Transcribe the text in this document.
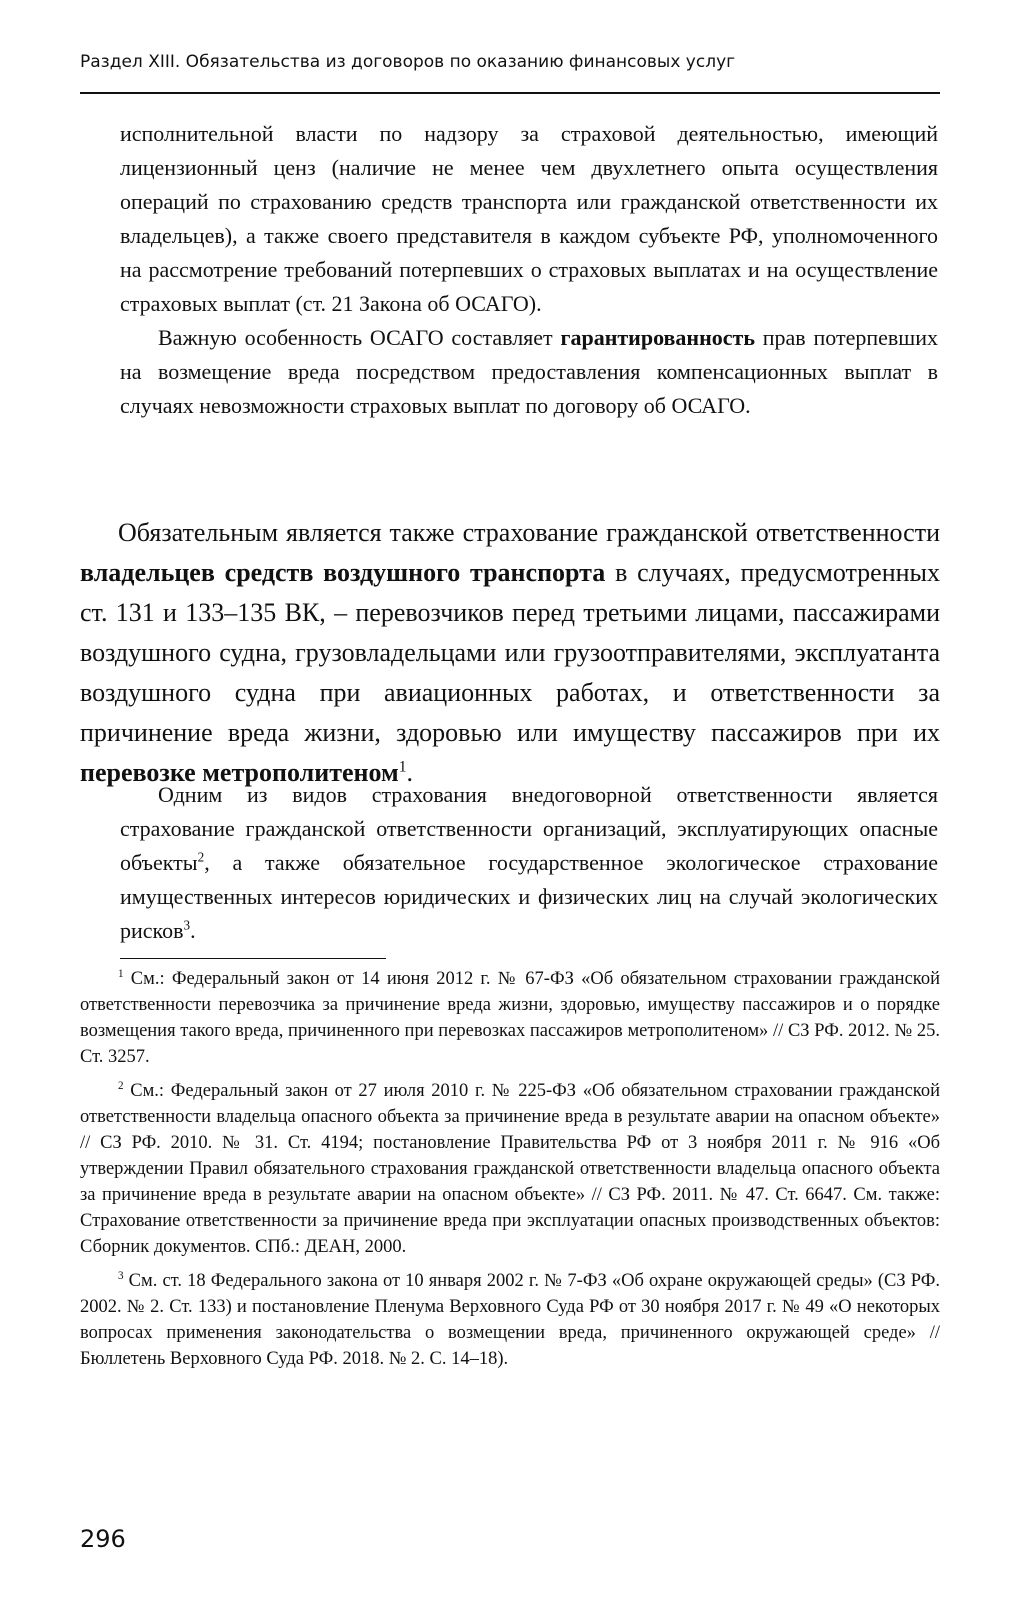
Раздел XIII. Обязательства из договоров по оказанию финансовых услуг

исполнительной власти по надзору за страховой деятельностью, имеющий лицензионный ценз (наличие не менее чем двухлетнего опыта осуществления операций по страхованию средств транспорта или гражданской ответственности их владельцев), а также своего представителя в каждом субъекте РФ, уполномоченного на рассмотрение требований потерпевших о страховых выплатах и на осуществление страховых выплат (ст. 21 Закона об ОСАГО).

Важную особенность ОСАГО составляет гарантированность прав потерпевших на возмещение вреда посредством предоставления компенсационных выплат в случаях невозможности страховых выплат по договору об ОСАГО.

Обязательным является также страхование гражданской ответственности владельцев средств воздушного транспорта в случаях, предусмотренных ст. 131 и 133–135 ВК, – перевозчиков перед третьими лицами, пассажирами воздушного судна, грузовладельцами или грузоотправителями, эксплуатанта воздушного судна при авиационных работах, и ответственности за причинение вреда жизни, здоровью или имуществу пассажиров при их перевозке метрополитеном$^1$.

Одним из видов страхования внедоговорной ответственности является страхование гражданской ответственности организаций, эксплуатирующих опасные объекты$^2$, а также обязательное государственное экологическое страхование имущественных интересов юридических и физических лиц на случай экологических рисков$^3$.

$^1$ См.: Федеральный закон от 14 июня 2012 г. № 67-ФЗ «Об обязательном страховании гражданской ответственности перевозчика за причинение вреда жизни, здоровью, имуществу пассажиров и о порядке возмещения такого вреда, причиненного при перевозках пассажиров метрополитеном» // СЗ РФ. 2012. № 25. Ст. 3257.

$^2$ См.: Федеральный закон от 27 июля 2010 г. № 225-ФЗ «Об обязательном страховании гражданской ответственности владельца опасного объекта за причинение вреда в результате аварии на опасном объекте» // СЗ РФ. 2010. № 31. Ст. 4194; постановление Правительства РФ от 3 ноября 2011 г. № 916 «Об утверждении Правил обязательного страхования гражданской ответственности владельца опасного объекта за причинение вреда в результате аварии на опасном объекте» // СЗ РФ. 2011. № 47. Ст. 6647. См. также: Страхование ответственности за причинение вреда при эксплуатации опасных производственных объектов: Сборник документов. СПб.: ДЕАН, 2000.

$^3$ См. ст. 18 Федерального закона от 10 января 2002 г. № 7-ФЗ «Об охране окружающей среды» (СЗ РФ. 2002. № 2. Ст. 133) и постановление Пленума Верховного Суда РФ от 30 ноября 2017 г. № 49 «О некоторых вопросах применения законодательства о возмещении вреда, причиненного окружающей среде» // Бюллетень Верховного Суда РФ. 2018. № 2. С. 14–18).

296
